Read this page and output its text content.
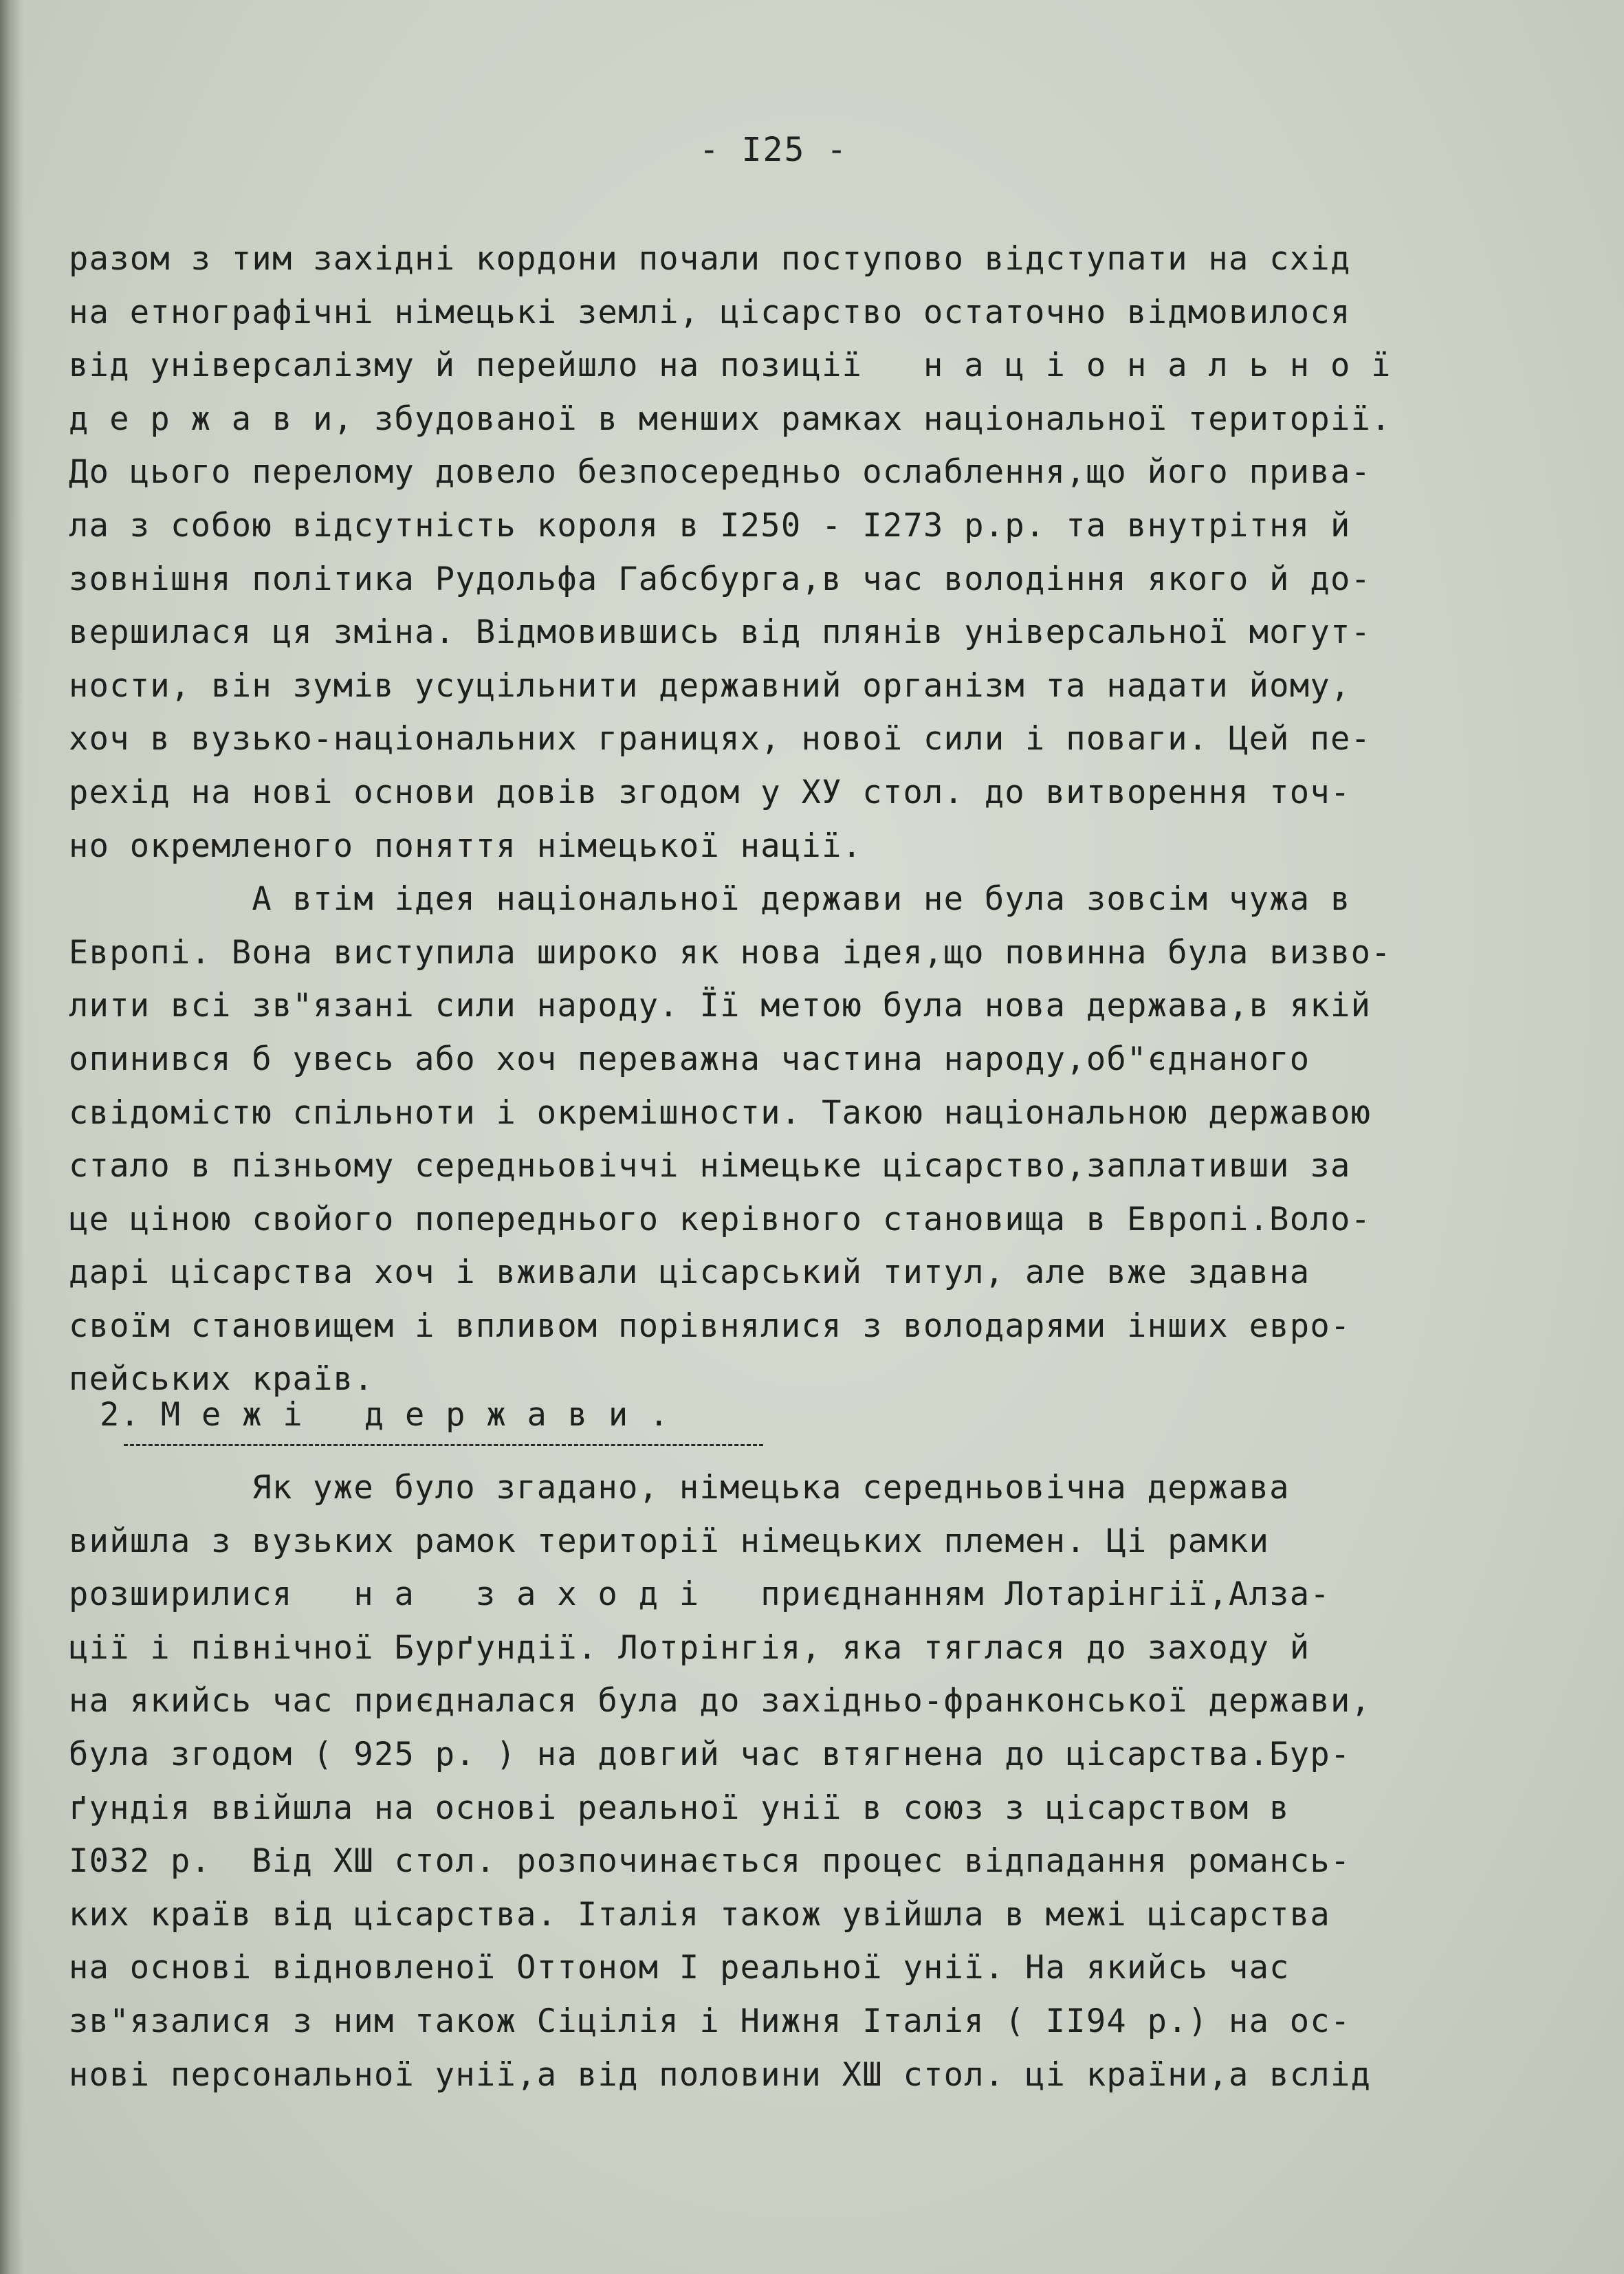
- I25 -
разом з тим західні кордони почали поступово відступати на схід
на етнографічні німецькі землі, цісарство остаточно відмовилося
від універсалізму й перейшло на позиції   н а ц і о н а л ь н о ї
д е р ж а в и, збудованої в менших рамках національної території.
До цього перелому довело безпосередньо ослаблення,що його прива-
ла з собою відсутність короля в I250 - I273 р.р. та внутрітня й
зовнішня політика Рудольфа Габсбурга,в час володіння якого й до-
вершилася ця зміна. Відмовившись від плянів універсальної могут-
ности, він зумів усуцільнити державний організм та надати йому,
хоч в вузько-національних границях, нової сили і поваги. Цей пе-
рехід на нові основи довів згодом у ХУ стол. до витворення точ-
но окремленого поняття німецької нації.
А втім ідея національної держави не була зовсім чужа в
Европі. Вона виступила широко як нова ідея,що повинна була визво-
лити всі зв"язані сили народу. Її метою була нова держава,в якій
опинився б увесь або хоч переважна частина народу,об"єднаного
свідомістю спільноти і окремішности. Такою національною державою
стало в пізньому середньовіччі німецьке цісарство,заплативши за
це ціною свойого попереднього керівного становища в Европі.Воло-
дарі цісарства хоч і вживали цісарський титул, але вже здавна
своїм становищем і впливом порівнялися з володарями інших евро-
пейських країв.
2. М е ж і   д е р ж а в и .
Як уже було згадано, німецька середньовічна держава
вийшла з вузьких рамок території німецьких племен. Ці рамки
розширилися   н а   з а х о д і   приєднанням Лотарінгії,Алза-
ції і північної Бурґундії. Лотрінгія, яка тяглася до заходу й
на якийсь час приєдналася була до західньо-франконської держави,
була згодом ( 925 р. ) на довгий час втягнена до цісарства.Бур-
ґундія ввійшла на основі реальної унії в союз з цісарством в
I032 р.  Від ХШ стол. розпочинається процес відпадання романсь-
ких країв від цісарства. Італія також увійшла в межі цісарства
на основі відновленої Оттоном I реальної унії. На якийсь час
зв"язалися з ним також Сіцілія і Нижня Італія ( II94 р.) на ос-
нові персональної унії,а від половини ХШ стол. ці країни,а вслід
